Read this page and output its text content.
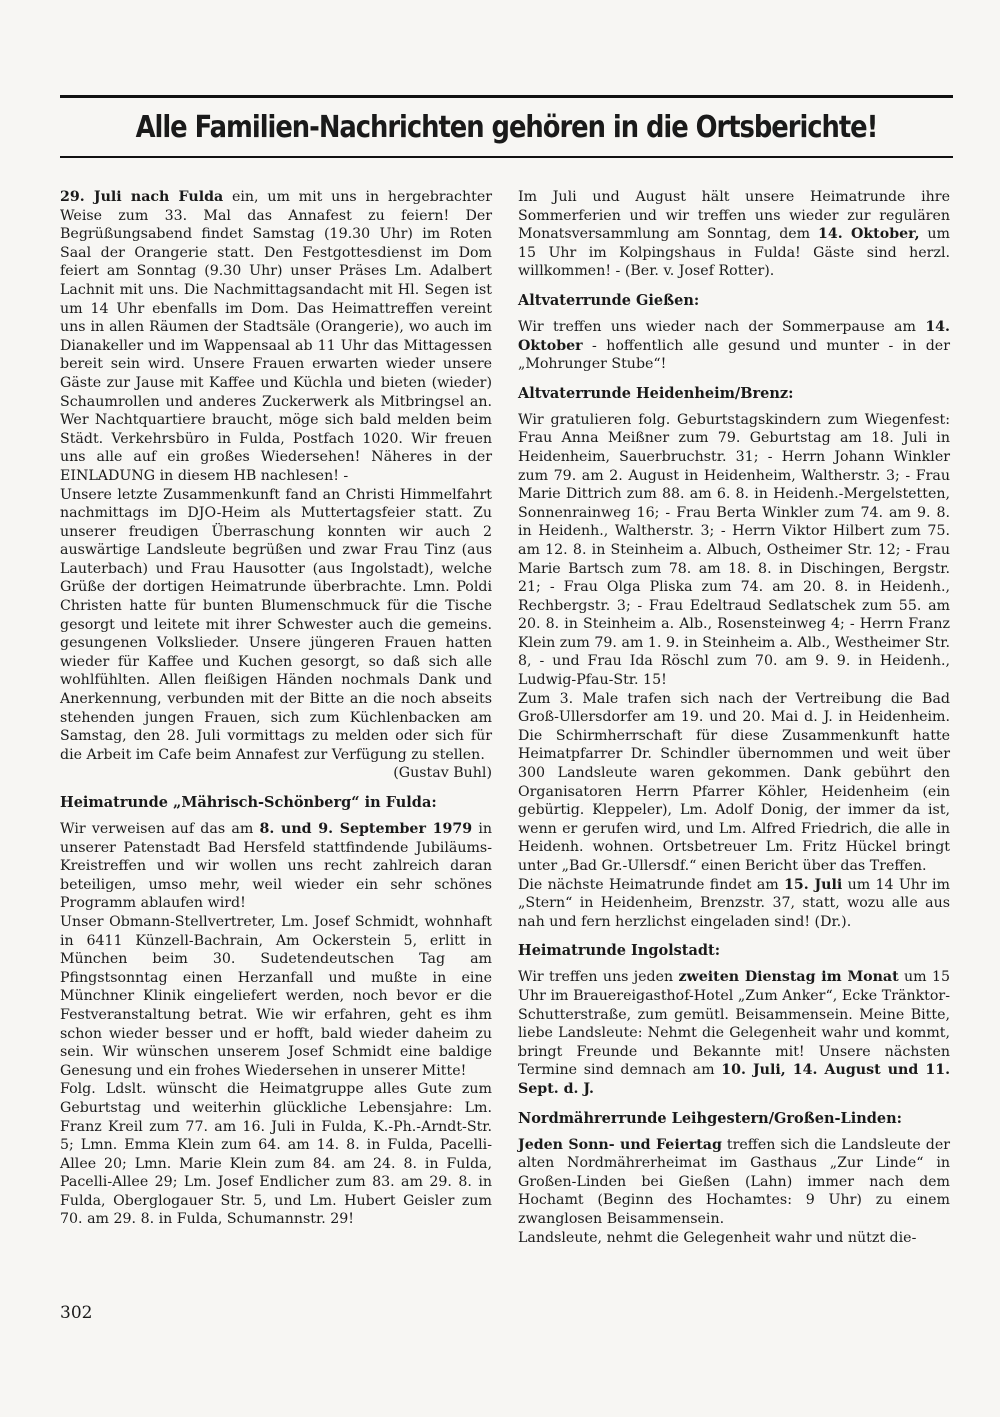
Alle Familien-Nachrichten gehören in die Ortsberichte!

29. Juli nach Fulda ein, um mit uns in hergebrachter Weise zum 33. Mal das Annafest zu feiern! Der Begrüßungsabend findet Samstag (19.30 Uhr) im Roten Saal der Orangerie statt. Den Festgottesdienst im Dom feiert am Sonntag (9.30 Uhr) unser Präses Lm. Adalbert Lachnit mit uns. Die Nachmittagsandacht mit Hl. Segen ist um 14 Uhr ebenfalls im Dom. Das Heimattreffen vereint uns in allen Räumen der Stadtsäle (Orangerie), wo auch im Dianakeller und im Wappensaal ab 11 Uhr das Mittagessen bereit sein wird. Unsere Frauen erwarten wieder unsere Gäste zur Jause mit Kaffee und Küchla und bieten (wieder) Schaumrollen und anderes Zuckerwerk als Mitbringsel an. Wer Nachtquartiere braucht, möge sich bald melden beim Städt. Verkehrsbüro in Fulda, Postfach 1020. Wir freuen uns alle auf ein großes Wiedersehen! Näheres in der EINLADUNG in diesem HB nachlesen! -

Unsere letzte Zusammenkunft fand an Christi Himmelfahrt nachmittags im DJO-Heim als Muttertagsfeier statt. Zu unserer freudigen Überraschung konnten wir auch 2 auswärtige Landsleute begrüßen und zwar Frau Tinz (aus Lauterbach) und Frau Hausotter (aus Ingolstadt), welche Grüße der dortigen Heimatrunde überbrachte. Lmn. Poldi Christen hatte für bunten Blumenschmuck für die Tische gesorgt und leitete mit ihrer Schwester auch die gemeins. gesungenen Volkslieder. Unsere jüngeren Frauen hatten wieder für Kaffee und Kuchen gesorgt, so daß sich alle wohlfühlten. Allen fleißigen Händen nochmals Dank und Anerkennung, verbunden mit der Bitte an die noch abseits stehenden jungen Frauen, sich zum Küchlenbacken am Samstag, den 28. Juli vormittags zu melden oder sich für die Arbeit im Cafe beim Annafest zur Verfügung zu stellen.

(Gustav Buhl)

Heimatrunde „Mährisch-Schönberg“ in Fulda:

Wir verweisen auf das am 8. und 9. September 1979 in unserer Patenstadt Bad Hersfeld stattfindende Jubiläums-Kreistreffen und wir wollen uns recht zahlreich daran beteiligen, umso mehr, weil wieder ein sehr schönes Programm ablaufen wird!

Unser Obmann-Stellvertreter, Lm. Josef Schmidt, wohnhaft in 6411 Künzell-Bachrain, Am Ockerstein 5, erlitt in München beim 30. Sudetendeutschen Tag am Pfingstsonntag einen Herzanfall und mußte in eine Münchner Klinik eingeliefert werden, noch bevor er die Festveranstaltung betrat. Wie wir erfahren, geht es ihm schon wieder besser und er hofft, bald wieder daheim zu sein. Wir wünschen unserem Josef Schmidt eine baldige Genesung und ein frohes Wiedersehen in unserer Mitte!

Folg. Ldslt. wünscht die Heimatgruppe alles Gute zum Geburtstag und weiterhin glückliche Lebensjahre: Lm. Franz Kreil zum 77. am 16. Juli in Fulda, K.-Ph.-Arndt-Str. 5; Lmn. Emma Klein zum 64. am 14. 8. in Fulda, Pacelli-Allee 20; Lmn. Marie Klein zum 84. am 24. 8. in Fulda, Pacelli-Allee 29; Lm. Josef Endlicher zum 83. am 29. 8. in Fulda, Oberglogauer Str. 5, und Lm. Hubert Geisler zum 70. am 29. 8. in Fulda, Schumannstr. 29!

Im Juli und August hält unsere Heimatrunde ihre Sommerferien und wir treffen uns wieder zur regulären Monatsversammlung am Sonntag, dem 14. Oktober, um 15 Uhr im Kolpingshaus in Fulda! Gäste sind herzl. willkommen! - (Ber. v. Josef Rotter).

Altvaterrunde Gießen:

Wir treffen uns wieder nach der Sommerpause am 14. Oktober - hoffentlich alle gesund und munter - in der „Mohrunger Stube“!

Altvaterrunde Heidenheim/Brenz:

Wir gratulieren folg. Geburtstagskindern zum Wiegenfest: Frau Anna Meißner zum 79. Geburtstag am 18. Juli in Heidenheim, Sauerbruchstr. 31; - Herrn Johann Winkler zum 79. am 2. August in Heidenheim, Waltherstr. 3; - Frau Marie Dittrich zum 88. am 6. 8. in Heidenh.-Mergelstetten, Sonnenrainweg 16; - Frau Berta Winkler zum 74. am 9. 8. in Heidenh., Waltherstr. 3; - Herrn Viktor Hilbert zum 75. am 12. 8. in Steinheim a. Albuch, Ostheimer Str. 12; - Frau Marie Bartsch zum 78. am 18. 8. in Dischingen, Bergstr. 21; - Frau Olga Pliska zum 74. am 20. 8. in Heidenh., Rechbergstr. 3; - Frau Edeltraud Sedlatschek zum 55. am 20. 8. in Steinheim a. Alb., Rosensteinweg 4; - Herrn Franz Klein zum 79. am 1. 9. in Steinheim a. Alb., Westheimer Str. 8, - und Frau Ida Röschl zum 70. am 9. 9. in Heidenh., Ludwig-Pfau-Str. 15!

Zum 3. Male trafen sich nach der Vertreibung die Bad Groß-Ullersdorfer am 19. und 20. Mai d. J. in Heidenheim. Die Schirmherrschaft für diese Zusammenkunft hatte Heimatpfarrer Dr. Schindler übernommen und weit über 300 Landsleute waren gekommen. Dank gebührt den Organisatoren Herrn Pfarrer Köhler, Heidenheim (ein gebürtig. Kleppeler), Lm. Adolf Donig, der immer da ist, wenn er gerufen wird, und Lm. Alfred Friedrich, die alle in Heidenh. wohnen. Ortsbetreuer Lm. Fritz Hückel bringt unter „Bad Gr.-Ullersdf.“ einen Bericht über das Treffen.

Die nächste Heimatrunde findet am 15. Juli um 14 Uhr im „Stern“ in Heidenheim, Brenzstr. 37, statt, wozu alle aus nah und fern herzlichst eingeladen sind! (Dr.).

Heimatrunde Ingolstadt:

Wir treffen uns jeden zweiten Dienstag im Monat um 15 Uhr im Brauereigasthof-Hotel „Zum Anker“, Ecke Tränktor-Schutterstraße, zum gemütl. Beisammensein. Meine Bitte, liebe Landsleute: Nehmt die Gelegenheit wahr und kommt, bringt Freunde und Bekannte mit! Unsere nächsten Termine sind demnach am 10. Juli, 14. August und 11. Sept. d. J.

Nordmährerrunde Leihgestern/Großen-Linden:

Jeden Sonn- und Feiertag treffen sich die Landsleute der alten Nordmährerheimat im Gasthaus „Zur Linde“ in Großen-Linden bei Gießen (Lahn) immer nach dem Hochamt (Beginn des Hochamtes: 9 Uhr) zu einem zwanglosen Beisammensein.

Landsleute, nehmt die Gelegenheit wahr und nützt die-

302
